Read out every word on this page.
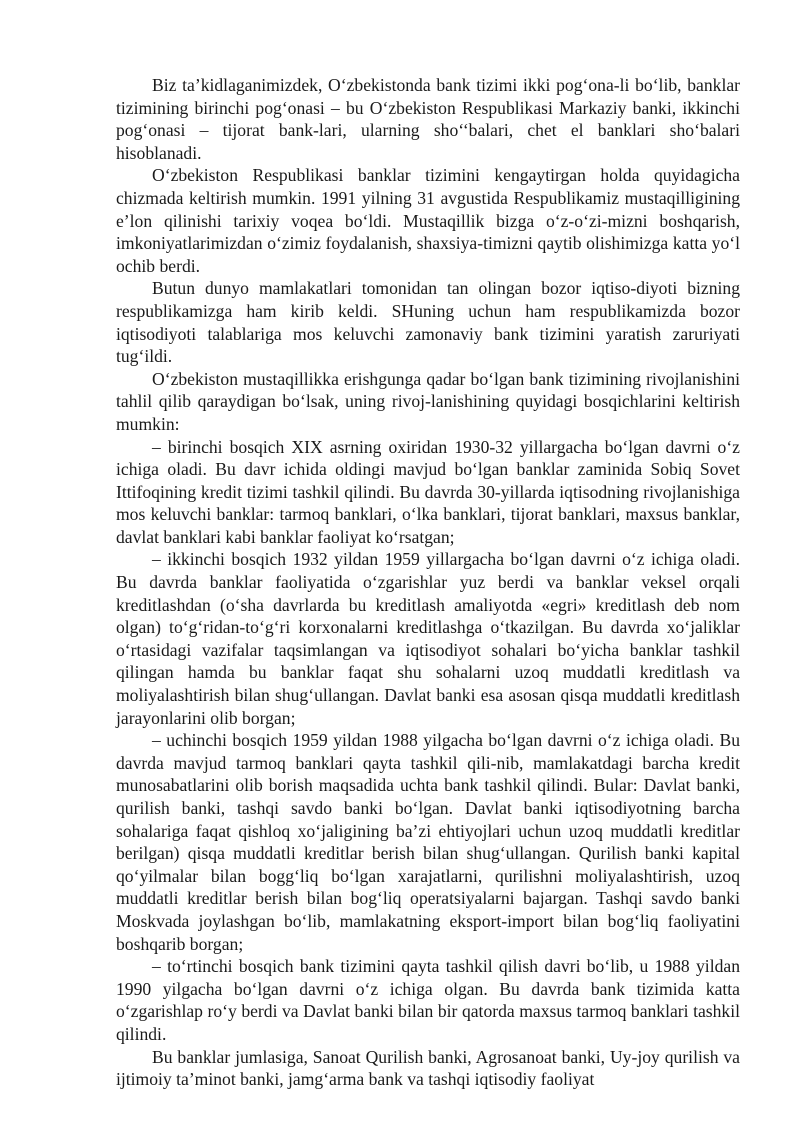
Biz ta’kidlaganimizdek, O‘zbekistonda bank tizimi ikki pog‘ona-li bo‘lib, banklar tizimining birinchi pog‘onasi – bu O‘zbekiston Respublikasi Markaziy banki, ikkinchi pog‘onasi – tijorat bank-lari, ularning sho‘‘balari, chet el banklari sho‘balari hisoblanadi.

O‘zbekiston Respublikasi banklar tizimini kengaytirgan holda quyidagicha chizmada keltirish mumkin. 1991 yilning 31 avgustida Respublikamiz mustaqilligining e’lon qilinishi tarixiy voqea bo‘ldi. Mustaqillik bizga o‘z-o‘zi-mizni boshqarish, imkoniyatlarimizdan o‘zimiz foydalanish, shaxsiya-timizni qaytib olishimizga katta yo‘l ochib berdi.

Butun dunyo mamlakatlari tomonidan tan olingan bozor iqtiso-diyoti bizning respublikamizga ham kirib keldi. SHuning uchun ham respublikamizda bozor iqtisodiyoti talablariga mos keluvchi zamonaviy bank tizimini yaratish zaruriyati tug‘ildi.

O‘zbekiston mustaqillikka erishgunga qadar bo‘lgan bank tizimining rivojlanishini tahlil qilib qaraydigan bo‘lsak, uning rivoj-lanishining quyidagi bosqichlarini keltirish mumkin:

– birinchi bosqich XIX asrning oxiridan 1930-32 yillargacha bo‘lgan davrni o‘z ichiga oladi. Bu davr ichida oldingi mavjud bo‘lgan banklar zaminida Sobiq Sovet Ittifoqining kredit tizimi tashkil qilindi. Bu davrda 30-yillarda iqtisodning rivojlanishiga mos keluvchi banklar: tarmoq banklari, o‘lka banklari, tijorat banklari, maxsus banklar, davlat banklari kabi banklar faoliyat ko‘rsatgan;

– ikkinchi bosqich 1932 yildan 1959 yillargacha bo‘lgan davrni o‘z ichiga oladi. Bu davrda banklar faoliyatida o‘zgarishlar yuz berdi va banklar veksel orqali kreditlashdan (o‘sha davrlarda bu kreditlash amaliyotda «egri» kreditlash deb nom olgan) to‘g‘ridan-to‘g‘ri korxonalarni kreditlashga o‘tkazilgan. Bu davrda xo‘jaliklar o‘rtasidagi vazifalar taqsimlangan va iqtisodiyot sohalari bo‘yicha banklar tashkil qilingan hamda bu banklar faqat shu sohalarni uzoq muddatli kreditlash va moliyalashtirish bilan shug‘ullangan. Davlat banki esa asosan qisqa muddatli kreditlash jarayonlarini olib borgan;

– uchinchi bosqich 1959 yildan 1988 yilgacha bo‘lgan davrni o‘z ichiga oladi. Bu davrda mavjud tarmoq banklari qayta tashkil qili-nib, mamlakatdagi barcha kredit munosabatlarini olib borish maqsadida uchta bank tashkil qilindi. Bular: Davlat banki, qurilish banki, tashqi savdo banki bo‘lgan. Davlat banki iqtisodiyotning barcha sohalariga faqat qishloq xo‘jaligining ba’zi ehtiyojlari uchun uzoq muddatli kreditlar berilgan) qisqa muddatli kreditlar berish bilan shug‘ullangan. Qurilish banki kapital qo‘yilmalar bilan bogg‘liq bo‘lgan xarajatlarni, qurilishni moliyalashtirish, uzoq muddatli kreditlar berish bilan bog‘liq operatsiyalarni bajargan. Tashqi savdo banki Moskvada joylashgan bo‘lib, mamlakatning eksport-import bilan bog‘liq faoliyatini boshqarib borgan;

– to‘rtinchi bosqich bank tizimini qayta tashkil qilish davri bo‘lib, u 1988 yildan 1990 yilgacha bo‘lgan davrni o‘z ichiga olgan. Bu davrda bank tizimida katta o‘zgarishlap ro‘y berdi va Davlat banki bilan bir qatorda maxsus tarmoq banklari tashkil qilindi.

Bu banklar jumlasiga, Sanoat Qurilish banki, Agrosanoat banki, Uy-joy qurilish va ijtimoiy ta’minot banki, jamg‘arma bank va tashqi iqtisodiy faoliyat
